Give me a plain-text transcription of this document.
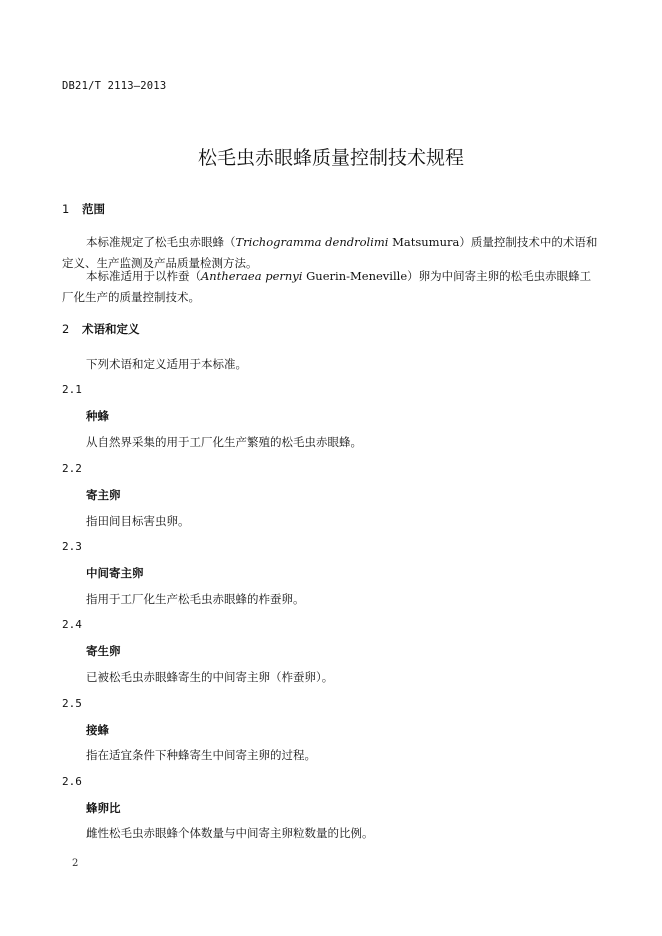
DB21/T 2113—2013
松毛虫赤眼蜂质量控制技术规程
1 范围
本标准规定了松毛虫赤眼蜂（Trichogramma dendrolimi Matsumura）质量控制技术中的术语和定义、生产监测及产品质量检测方法。
本标准适用于以柞蚕（Antheraea pernyi Guerin-Meneville）卵为中间寄主卵的松毛虫赤眼蜂工厂化生产的质量控制技术。
2 术语和定义
下列术语和定义适用于本标准。
2.1
种蜂
从自然界采集的用于工厂化生产繁殖的松毛虫赤眼蜂。
2.2
寄主卵
指田间目标害虫卵。
2.3
中间寄主卵
指用于工厂化生产松毛虫赤眼蜂的柞蚕卵。
2.4
寄生卵
已被松毛虫赤眼蜂寄生的中间寄主卵（柞蚕卵）。
2.5
接蜂
指在适宜条件下种蜂寄生中间寄主卵的过程。
2.6
蜂卵比
雌性松毛虫赤眼蜂个体数量与中间寄主卵粒数量的比例。
2
